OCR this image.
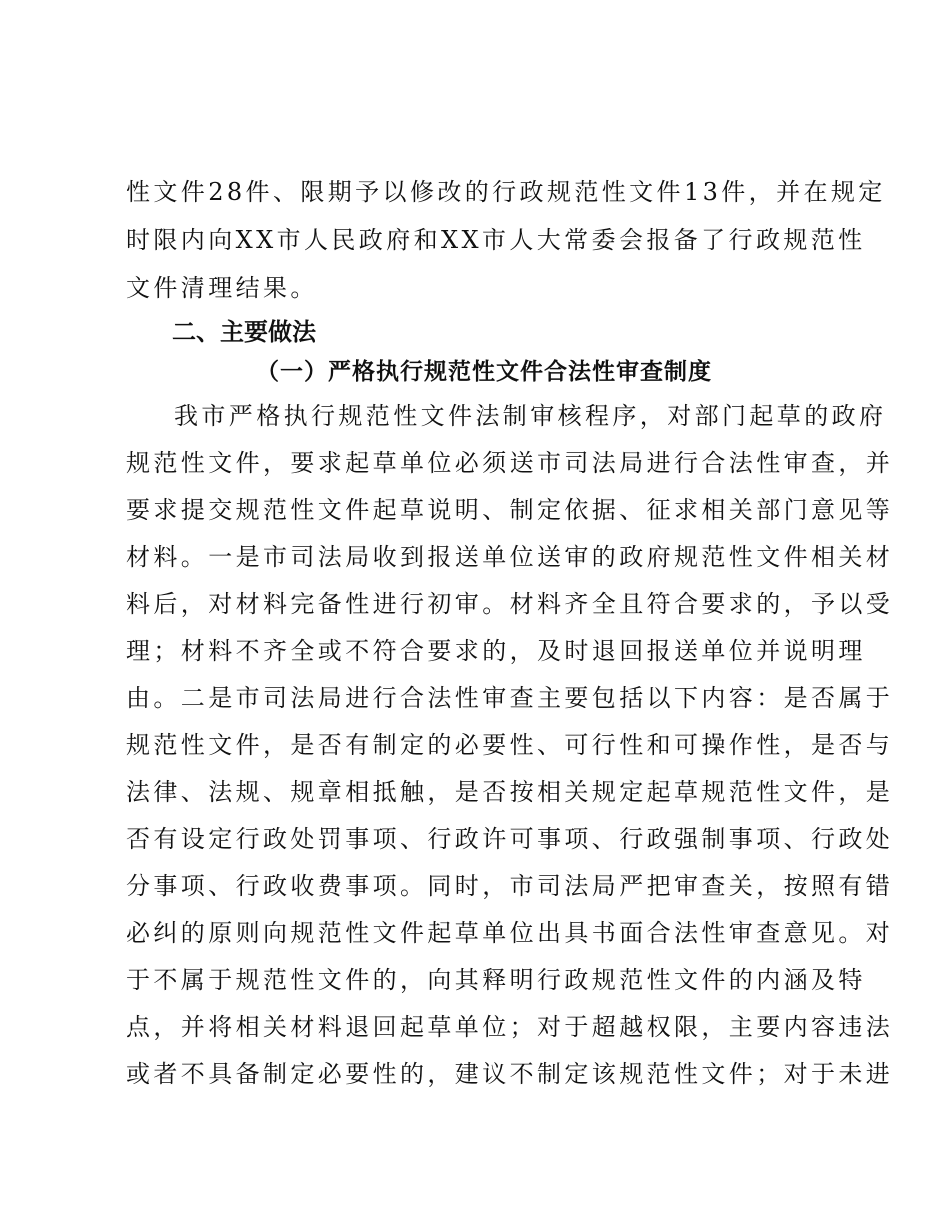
性文件28件、限期予以修改的行政规范性文件13件，并在规定
时限内向XX市人民政府和XX市人大常委会报备了行政规范性
文件清理结果。
二、主要做法
（一）严格执行规范性文件合法性审查制度
我市严格执行规范性文件法制审核程序，对部门起草的政府
规范性文件，要求起草单位必须送市司法局进行合法性审查，并
要求提交规范性文件起草说明、制定依据、征求相关部门意见等
材料。一是市司法局收到报送单位送审的政府规范性文件相关材
料后，对材料完备性进行初审。材料齐全且符合要求的，予以受
理；材料不齐全或不符合要求的，及时退回报送单位并说明理
由。二是市司法局进行合法性审查主要包括以下内容：是否属于
规范性文件，是否有制定的必要性、可行性和可操作性，是否与
法律、法规、规章相抵触，是否按相关规定起草规范性文件，是
否有设定行政处罚事项、行政许可事项、行政强制事项、行政处
分事项、行政收费事项。同时，市司法局严把审查关，按照有错
必纠的原则向规范性文件起草单位出具书面合法性审查意见。对
于不属于规范性文件的，向其释明行政规范性文件的内涵及特
点，并将相关材料退回起草单位；对于超越权限，主要内容违法
或者不具备制定必要性的，建议不制定该规范性文件；对于未进
